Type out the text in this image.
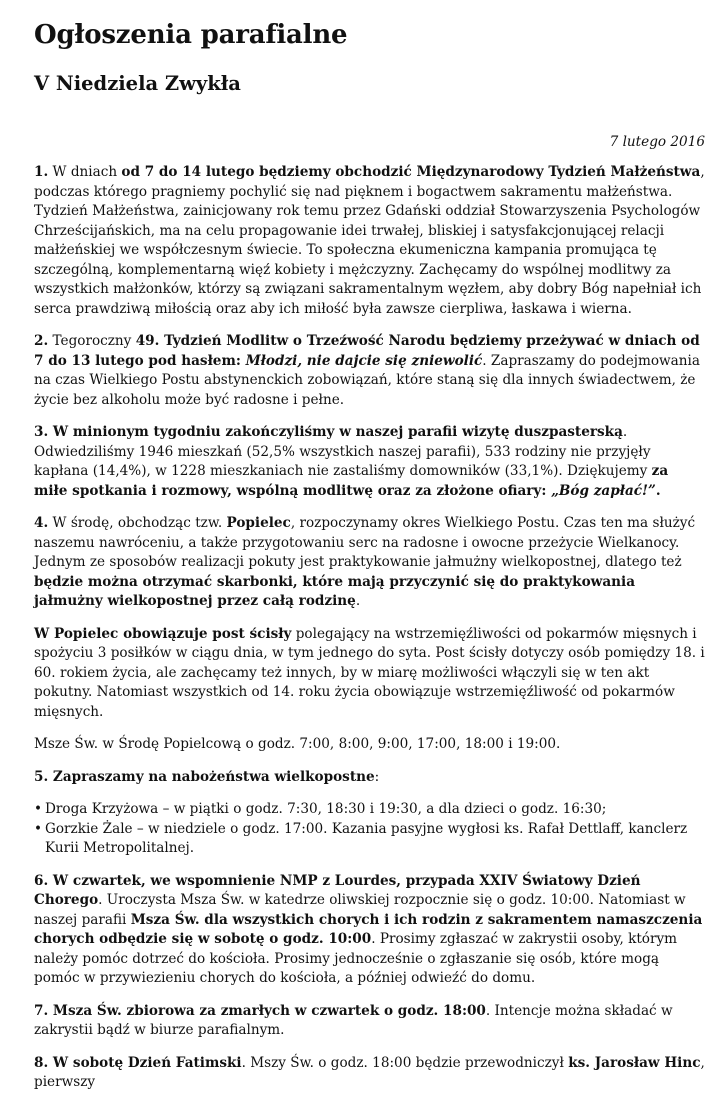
Ogłoszenia parafialne
V Niedziela Zwykła
7 lutego 2016

1. W dniach od 7 do 14 lutego będziemy obchodzić Międzynarodowy Tydzień Małżeństwa, podczas którego pragniemy pochylić się nad pięknem i bogactwem sakramentu małżeństwa. Tydzień Małżeństwa, zainicjowany rok temu przez Gdański oddział Stowarzyszenia Psychologów Chrześcijańskich, ma na celu propagowanie idei trwałej, bliskiej i satysfakcjonującej relacji małżeńskiej we współczesnym świecie. To społeczna ekumeniczna kampania promująca tę szczególną, komplementarną więź kobiety i mężczyzny. Zachęcamy do wspólnej modlitwy za wszystkich małżonków, którzy są związani sakramentalnym węzłem, aby dobry Bóg napełniał ich serca prawdziwą miłością oraz aby ich miłość była zawsze cierpliwa, łaskawa i wierna.

2. Tegoroczny 49. Tydzień Modlitw o Trzeźwość Narodu będziemy przeżywać w dniach od 7 do 13 lutego pod hasłem: Młodzi, nie dajcie się zniewolić. Zapraszamy do podejmowania na czas Wielkiego Postu abstynenckich zobowiązań, które staną się dla innych świadectwem, że życie bez alkoholu może być radosne i pełne.

3. W minionym tygodniu zakończyliśmy w naszej parafii wizytę duszpasterską. Odwiedziliśmy 1946 mieszkań (52,5% wszystkich naszej parafii), 533 rodziny nie przyjęły kapłana (14,4%), w 1228 mieszkaniach nie zastaliśmy domowników (33,1%). Dziękujemy za miłe spotkania i rozmowy, wspólną modlitwę oraz za złożone ofiary: „Bóg zapłać!”.

4. W środę, obchodząc tzw. Popielec, rozpoczynamy okres Wielkiego Postu. Czas ten ma służyć naszemu nawróceniu, a także przygotowaniu serc na radosne i owocne przeżycie Wielkanocy. Jednym ze sposobów realizacji pokuty jest praktykowanie jałmużny wielkopostnej, dlatego też będzie można otrzymać skarbonki, które mają przyczynić się do praktykowania jałmużny wielkopostnej przez całą rodzinę.

W Popielec obowiązuje post ścisły polegający na wstrzemięźliwości od pokarmów mięsnych i spożyciu 3 posiłków w ciągu dnia, w tym jednego do syta. Post ścisły dotyczy osób pomiędzy 18. i 60. rokiem życia, ale zachęcamy też innych, by w miarę możliwości włączyli się w ten akt pokutny. Natomiast wszystkich od 14. roku życia obowiązuje wstrzemięźliwość od pokarmów mięsnych.

Msze Św. w Środę Popielcową o godz. 7:00, 8:00, 9:00, 17:00, 18:00 i 19:00.

5. Zapraszamy na nabożeństwa wielkopostne:

• Droga Krzyżowa – w piątki o godz. 7:30, 18:30 i 19:30, a dla dzieci o godz. 16:30;
• Gorzkie Żale – w niedziele o godz. 17:00. Kazania pasyjne wygłosi ks. Rafał Dettlaff, kanclerz Kurii Metropolitalnej.

6. W czwartek, we wspomnienie NMP z Lourdes, przypada XXIV Światowy Dzień Chorego. Uroczysta Msza Św. w katedrze oliwskiej rozpocznie się o godz. 10:00. Natomiast w naszej parafii Msza Św. dla wszystkich chorych i ich rodzin z sakramentem namaszczenia chorych odbędzie się w sobotę o godz. 10:00. Prosimy zgłaszać w zakrystii osoby, którym należy pomóc dotrzeć do kościoła. Prosimy jednocześnie o zgłaszanie się osób, które mogą pomóc w przywiezieniu chorych do kościoła, a później odwieźć do domu.

7. Msza Św. zbiorowa za zmarłych w czwartek o godz. 18:00. Intencje można składać w zakrystii bądź w biurze parafialnym.

8. W sobotę Dzień Fatimski. Mszy Św. o godz. 18:00 będzie przewodniczył ks. Jarosław Hinc, pierwszy
